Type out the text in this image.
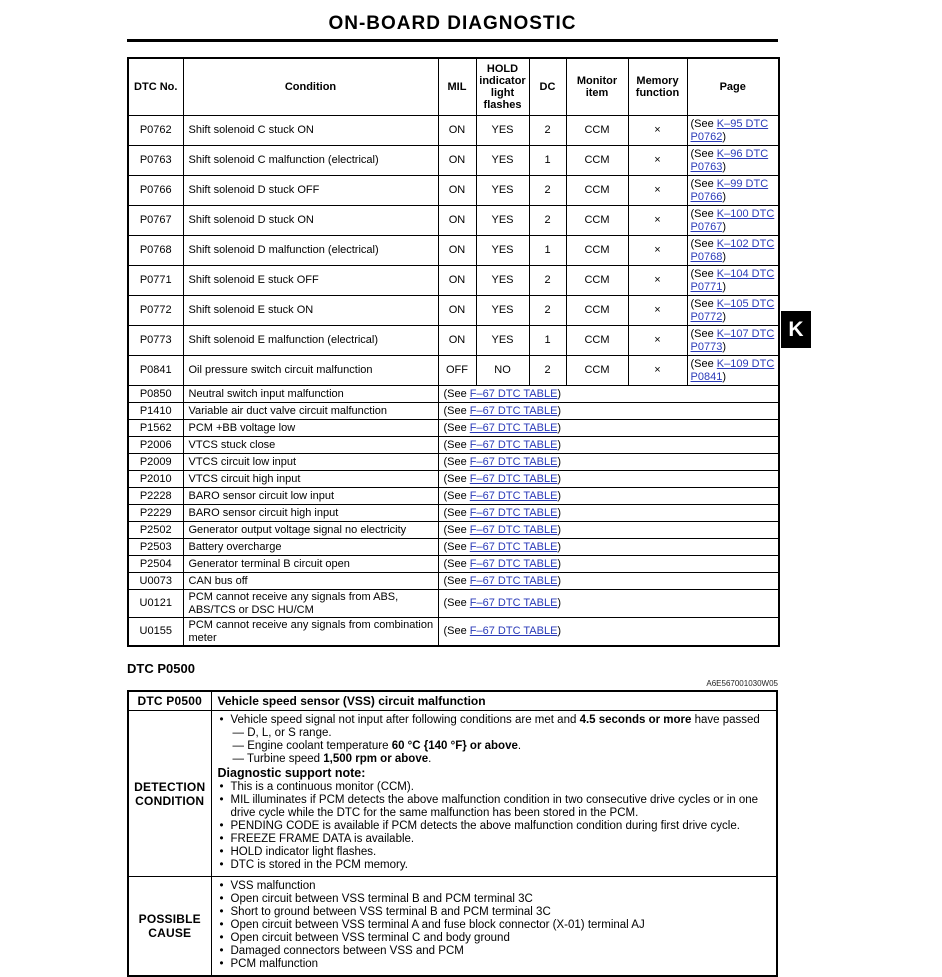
ON-BOARD DIAGNOSTIC
DTC No.	Condition	MIL	HOLD indicator light flashes	DC	Monitor item	Memory function	Page
P0762	Shift solenoid C stuck ON	ON	YES	2	CCM	×	(See K–95 DTC P0762)
P0763	Shift solenoid C malfunction (electrical)	ON	YES	1	CCM	×	(See K–96 DTC P0763)
P0766	Shift solenoid D stuck OFF	ON	YES	2	CCM	×	(See K–99 DTC P0766)
P0767	Shift solenoid D stuck ON	ON	YES	2	CCM	×	(See K–100 DTC P0767)
P0768	Shift solenoid D malfunction (electrical)	ON	YES	1	CCM	×	(See K–102 DTC P0768)
P0771	Shift solenoid E stuck OFF	ON	YES	2	CCM	×	(See K–104 DTC P0771)
P0772	Shift solenoid E stuck ON	ON	YES	2	CCM	×	(See K–105 DTC P0772)
P0773	Shift solenoid E malfunction (electrical)	ON	YES	1	CCM	×	(See K–107 DTC P0773)
P0841	Oil pressure switch circuit malfunction	OFF	NO	2	CCM	×	(See K–109 DTC P0841)
P0850	Neutral switch input malfunction	(See F–67 DTC TABLE)					
P1410	Variable air duct valve circuit malfunction	(See F–67 DTC TABLE)					
P1562	PCM +BB voltage low	(See F–67 DTC TABLE)					
P2006	VTCS stuck close	(See F–67 DTC TABLE)					
P2009	VTCS circuit low input	(See F–67 DTC TABLE)					
P2010	VTCS circuit high input	(See F–67 DTC TABLE)					
P2228	BARO sensor circuit low input	(See F–67 DTC TABLE)					
P2229	BARO sensor circuit high input	(See F–67 DTC TABLE)					
P2502	Generator output voltage signal no electricity	(See F–67 DTC TABLE)					
P2503	Battery overcharge	(See F–67 DTC TABLE)					
P2504	Generator terminal B circuit open	(See F–67 DTC TABLE)					
U0073	CAN bus off	(See F–67 DTC TABLE)					
U0121	PCM cannot receive any signals from ABS, ABS/TCS or DSC HU/CM	(See F–67 DTC TABLE)					
U0155	PCM cannot receive any signals from combination meter	(See F–67 DTC TABLE)					
DTC P0500
A6E567001030W05
DTC P0500	Vehicle speed sensor (VSS) circuit malfunction
DETECTION CONDITION	
• Vehicle speed signal not input after following conditions are met and 4.5 seconds or more have passed
— D, L, or S range.
— Engine coolant temperature 60 °C {140 °F} or above.
— Turbine speed 1,500 rpm or above.
Diagnostic support note:
• This is a continuous monitor (CCM).
• MIL illuminates if PCM detects the above malfunction condition in two consecutive drive cycles or in one drive cycle while the DTC for the same malfunction has been stored in the PCM.
• PENDING CODE is available if PCM detects the above malfunction condition during first drive cycle.
• FREEZE FRAME DATA is available.
• HOLD indicator light flashes.
• DTC is stored in the PCM memory.

POSSIBLE CAUSE	
• VSS malfunction
• Open circuit between VSS terminal B and PCM terminal 3C
• Short to ground between VSS terminal B and PCM terminal 3C
• Open circuit between VSS terminal A and fuse block connector (X-01) terminal AJ
• Open circuit between VSS terminal C and body ground
• Damaged connectors between VSS and PCM
• PCM malfunction
K
